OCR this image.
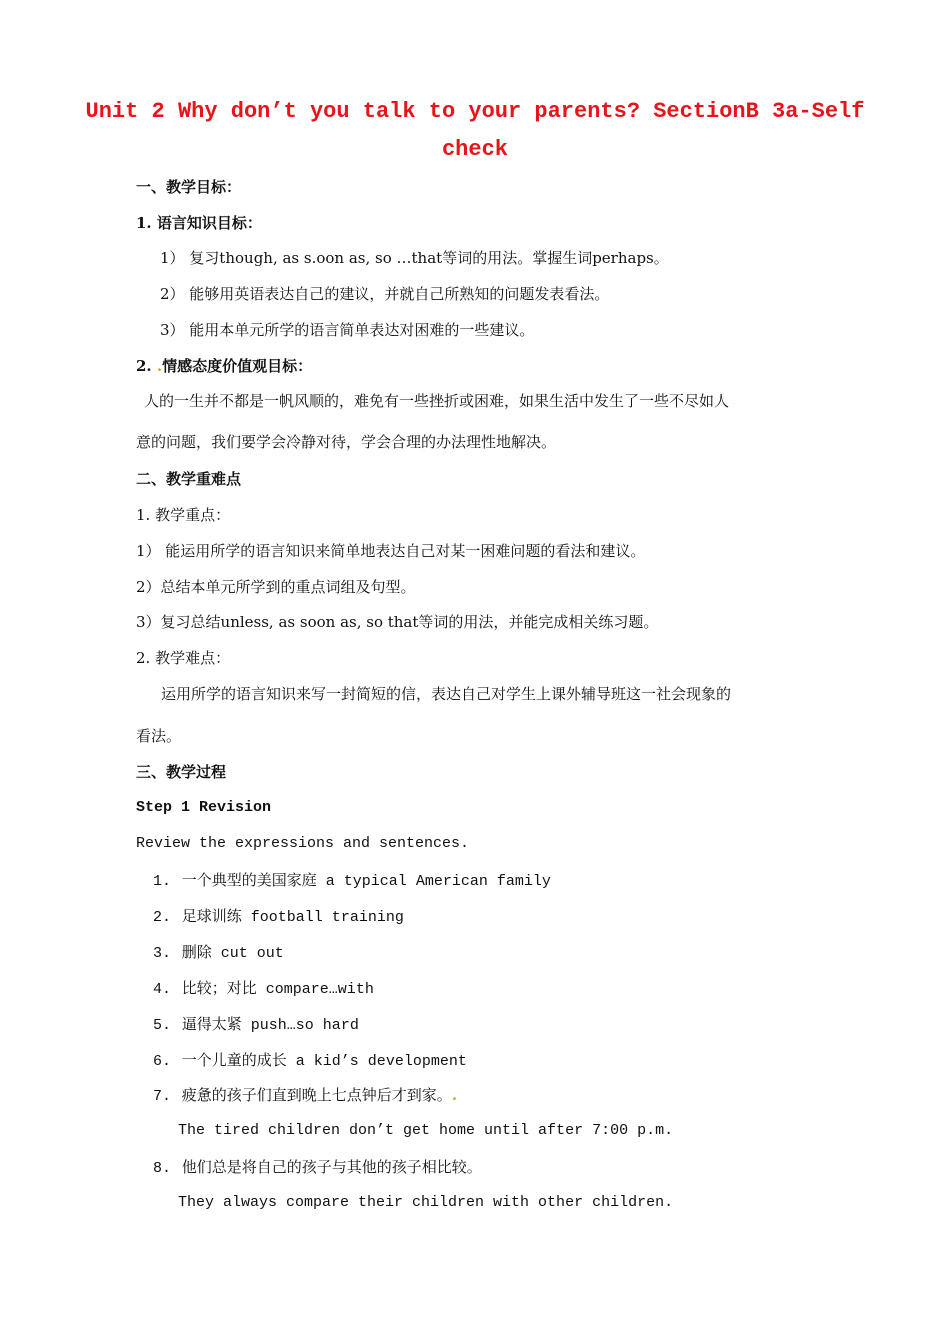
Unit 2 Why don’t you talk to your parents? SectionB 3a-Self
check
一、教学目标：
1. 语言知识目标：
1） 复习though, as s.oon as, so …that等词的用法。掌握生词perhaps。
2） 能够用英语表达自己的建议，并就自己所熟知的问题发表看法。
3） 能用本单元所学的语言简单表达对困难的一些建议。
2. .情感态度价值观目标：
人的一生并不都是一帆风顺的，难免有一些挫折或困难，如果生活中发生了一些不尽如人
意的问题，我们要学会冷静对待，学会合理的办法理性地解决。
二、教学重难点
1. 教学重点：
1） 能运用所学的语言知识来简单地表达自己对某一困难问题的看法和建议。
2）总结本单元所学到的重点词组及句型。
3）复习总结unless, as soon as, so that等词的用法，并能完成相关练习题。
2. 教学难点：
运用所学的语言知识来写一封简短的信，表达自己对学生上课外辅导班这一社会现象的
看法。
三、教学过程
Step 1 Revision
Review the expressions and sentences.
1. 一个典型的美国家庭 a typical American family
2. 足球训练 football training
3. 删除 cut out
4. 比较；对比 compare…with
5. 逼得太紧 push…so hard
6. 一个儿童的成长 a kid’s development
7. 疲惫的孩子们直到晚上七点钟后才到家。.
The tired children don’t get home until after 7:00 p.m.
8. 他们总是将自己的孩子与其他的孩子相比较。
They always compare their children with other children.
